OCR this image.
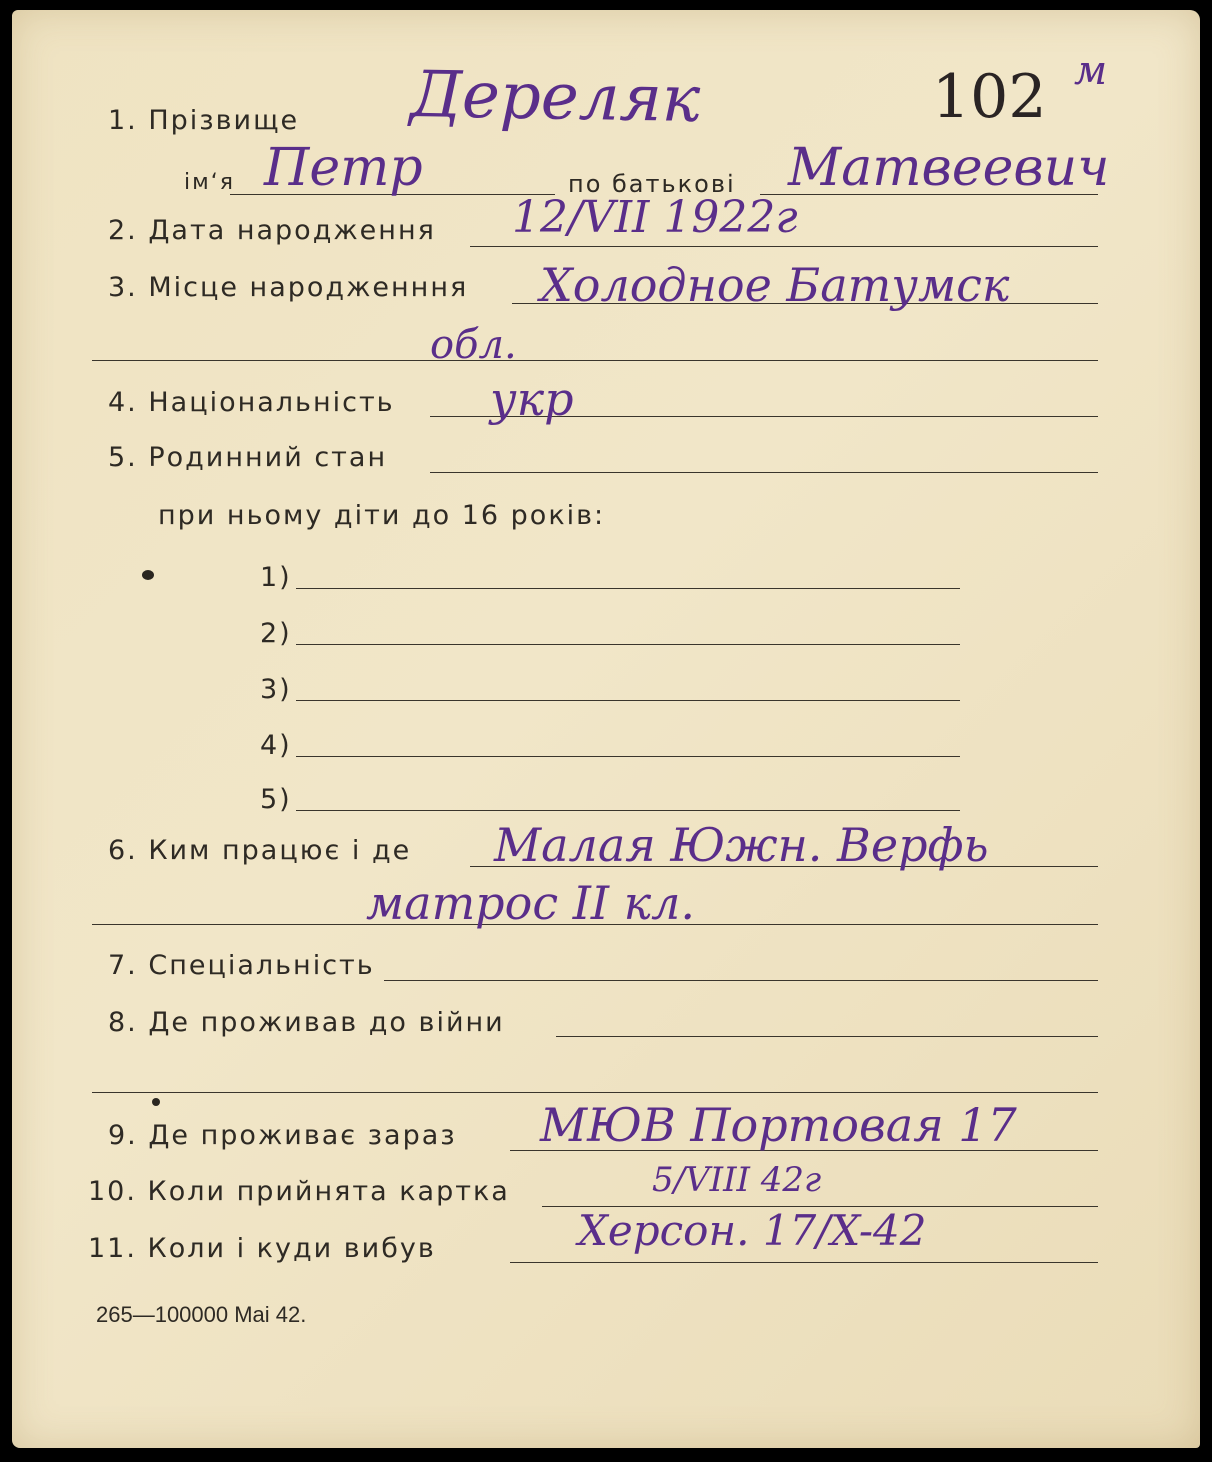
1. Прізвище Дереляк	102 м
ім‘я Петр	по батькові Матвеевич
2. Дата народження 12/VII 1922г
3. Місце народженння Холодное Батумск
обл.
4. Національність укр
5. Родинний стан
при ньому діти до 16 років:
1)
2)
3)
4)
5)
6. Ким працює і де Малая Южн. Верфь
матрос II кл.
7. Спеціальність
8. Де проживав до війни
9. Де проживає зараз МЮВ Портовая 17
10. Коли прийнята картка	5/VIII 42г
11. Коли і куди вибув	Херсон. 17/X-42
265—100000 Mai 42.
